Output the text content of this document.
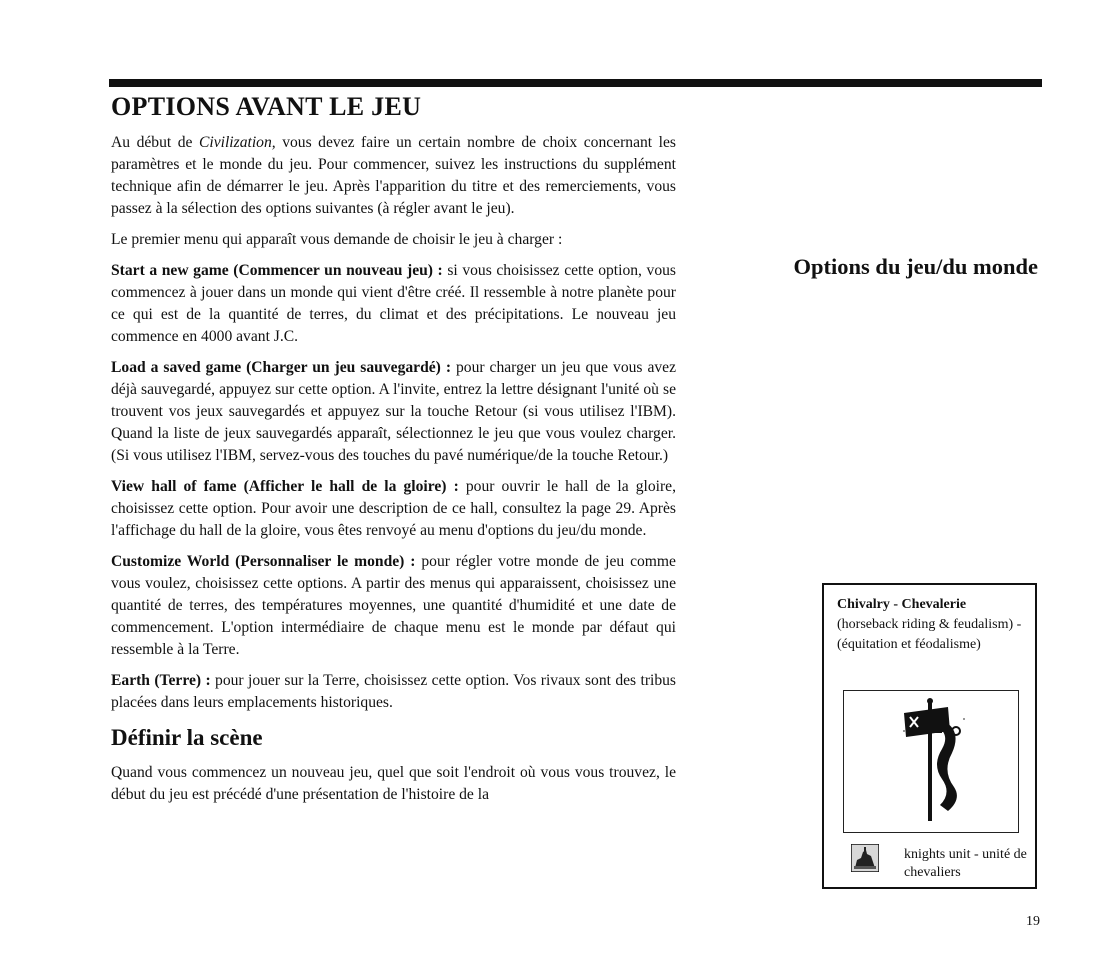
OPTIONS AVANT LE JEU

Au début de Civilization, vous devez faire un certain nombre de choix concernant les paramètres et le monde du jeu. Pour commencer, suivez les instructions du supplément technique afin de démarrer le jeu. Après l'apparition du titre et des remerciements, vous passez à la sélection des options suivantes (à régler avant le jeu).

Le premier menu qui apparaît vous demande de choisir le jeu à charger :

Start a new game (Commencer un nouveau jeu) : si vous choisissez cette option, vous commencez à jouer dans un monde qui vient d'être créé. Il ressemble à notre planète pour ce qui est de la quantité de terres, du climat et des précipitations. Le nouveau jeu commence en 4000 avant J.C.

Load a saved game (Charger un jeu sauvegardé) : pour charger un jeu que vous avez déjà sauvegardé, appuyez sur cette option. A l'invite, entrez la lettre désignant l'unité où se trouvent vos jeux sauvegardés et appuyez sur la touche Retour (si vous utilisez l'IBM). Quand la liste de jeux sauvegardés apparaît, sélectionnez le jeu que vous voulez charger. (Si vous utilisez l'IBM, servez-vous des touches du pavé numérique/de la touche Retour.)

View hall of fame (Afficher le hall de la gloire) : pour ouvrir le hall de la gloire, choisissez cette option. Pour avoir une description de ce hall, consultez la page 29. Après l'affichage du hall de la gloire, vous êtes renvoyé au menu d'options du jeu/du monde.

Customize World (Personnaliser le monde) : pour régler votre monde de jeu comme vous voulez, choisissez cette options. A partir des menus qui apparaissent, choisissez une quantité de terres, des températures moyennes, une quantité d'humidité et une date de commencement. L'option intermédiaire de chaque menu est le monde par défaut qui ressemble à la Terre.

Earth (Terre) : pour jouer sur la Terre, choisissez cette option. Vos rivaux sont des tribus placées dans leurs emplacements historiques.

Définir la scène

Quand vous commencez un nouveau jeu, quel que soit l'endroit où vous vous trouvez, le début du jeu est précédé d'une présentation de l'histoire de la

Options du jeu/du monde
Chivalry - Chevalerie
(horseback riding & feudalism) - (équitation et féodalisme)
knights unit - unité de chevaliers
19
